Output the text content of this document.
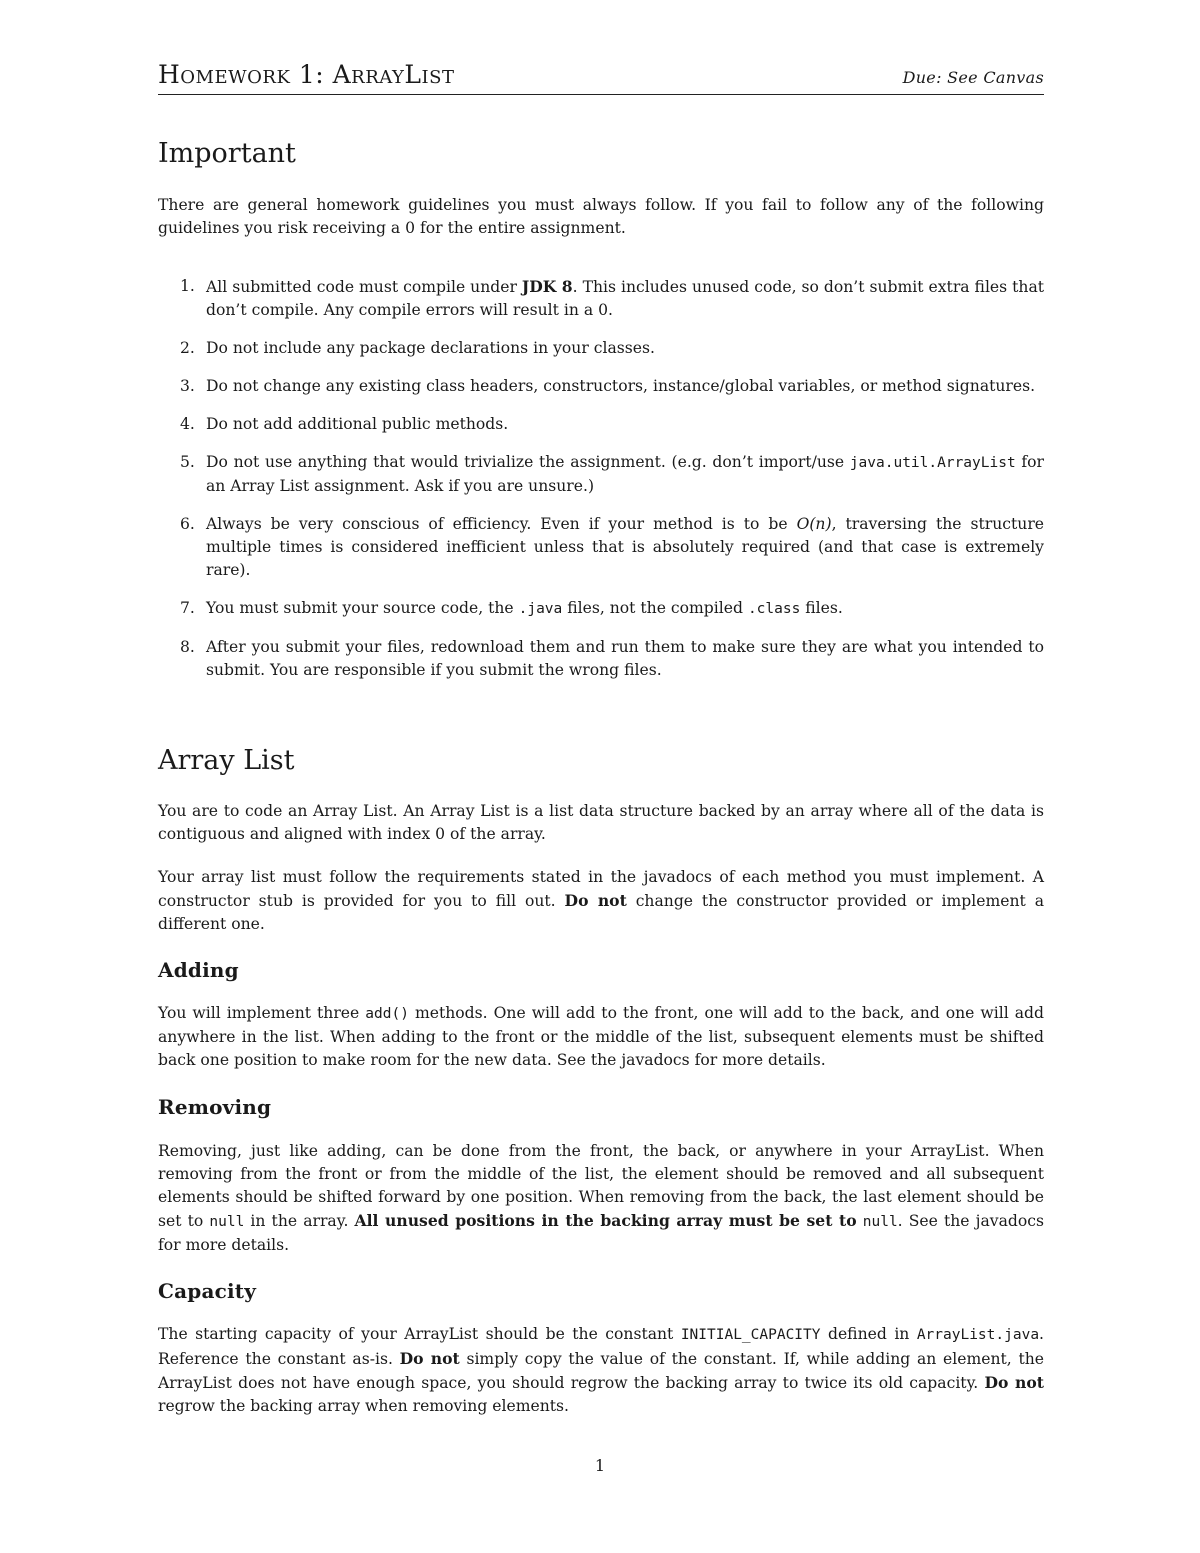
Homework 1: ArrayList	Due: See Canvas
Important

There are general homework guidelines you must always follow. If you fail to follow any of the following guidelines you risk receiving a 0 for the entire assignment.

1. All submitted code must compile under JDK 8. This includes unused code, so don’t submit extra files that don’t compile. Any compile errors will result in a 0.
2. Do not include any package declarations in your classes.
3. Do not change any existing class headers, constructors, instance/global variables, or method signatures.
4. Do not add additional public methods.
5. Do not use anything that would trivialize the assignment. (e.g. don’t import/use java.util.ArrayList for an Array List assignment. Ask if you are unsure.)
6. Always be very conscious of efficiency. Even if your method is to be O(n), traversing the structure multiple times is considered inefficient unless that is absolutely required (and that case is extremely rare).
7. You must submit your source code, the .java files, not the compiled .class files.
8. After you submit your files, redownload them and run them to make sure they are what you intended to submit. You are responsible if you submit the wrong files.
Array List

You are to code an Array List. An Array List is a list data structure backed by an array where all of the data is contiguous and aligned with index 0 of the array.

Your array list must follow the requirements stated in the javadocs of each method you must implement. A constructor stub is provided for you to fill out. Do not change the constructor provided or implement a different one.

Adding

You will implement three add() methods. One will add to the front, one will add to the back, and one will add anywhere in the list. When adding to the front or the middle of the list, subsequent elements must be shifted back one position to make room for the new data. See the javadocs for more details.

Removing

Removing, just like adding, can be done from the front, the back, or anywhere in your ArrayList. When removing from the front or from the middle of the list, the element should be removed and all subsequent elements should be shifted forward by one position. When removing from the back, the last element should be set to null in the array. All unused positions in the backing array must be set to null. See the javadocs for more details.

Capacity

The starting capacity of your ArrayList should be the constant INITIAL_CAPACITY defined in ArrayList.java. Reference the constant as-is. Do not simply copy the value of the constant. If, while adding an element, the ArrayList does not have enough space, you should regrow the backing array to twice its old capacity. Do not regrow the backing array when removing elements.

1
